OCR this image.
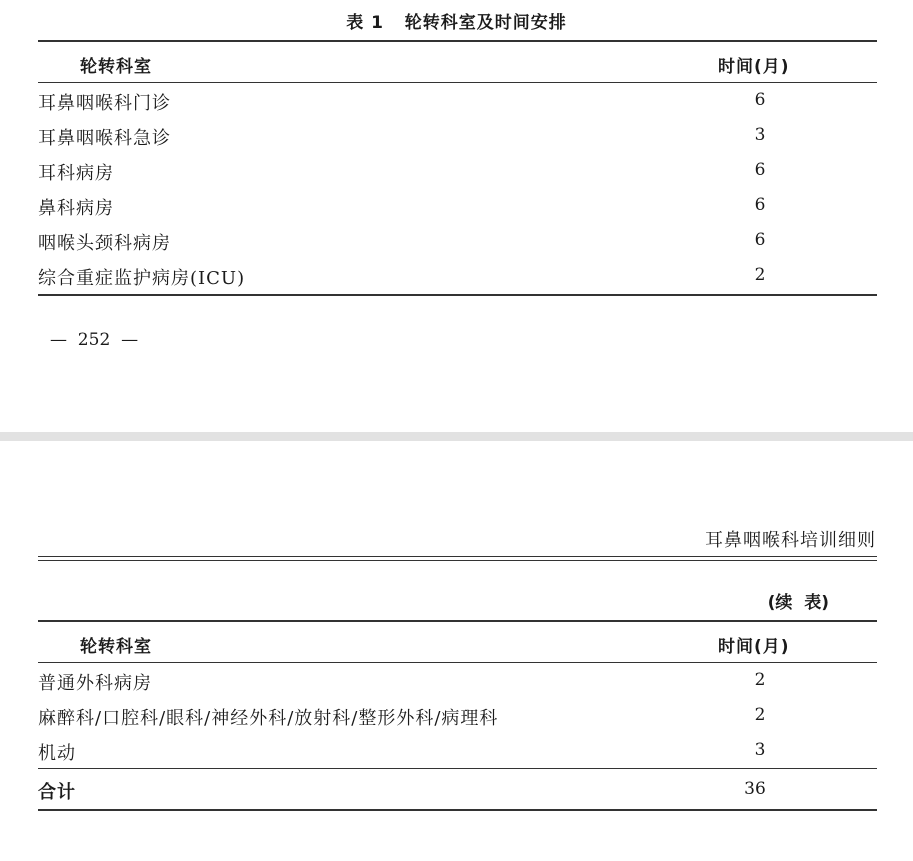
表 1   轮转科室及时间安排
轮转科室	时间(月)
耳鼻咽喉科门诊	6
耳鼻咽喉科急诊	3
耳科病房	6
鼻科病房	6
咽喉头颈科病房	6
综合重症监护病房(ICU)	2
—  252  —
耳鼻咽喉科培训细则
(续  表)
轮转科室	时间(月)
普通外科病房	2
麻醉科/口腔科/眼科/神经外科/放射科/整形外科/病理科	2
机动	3
合计	36
